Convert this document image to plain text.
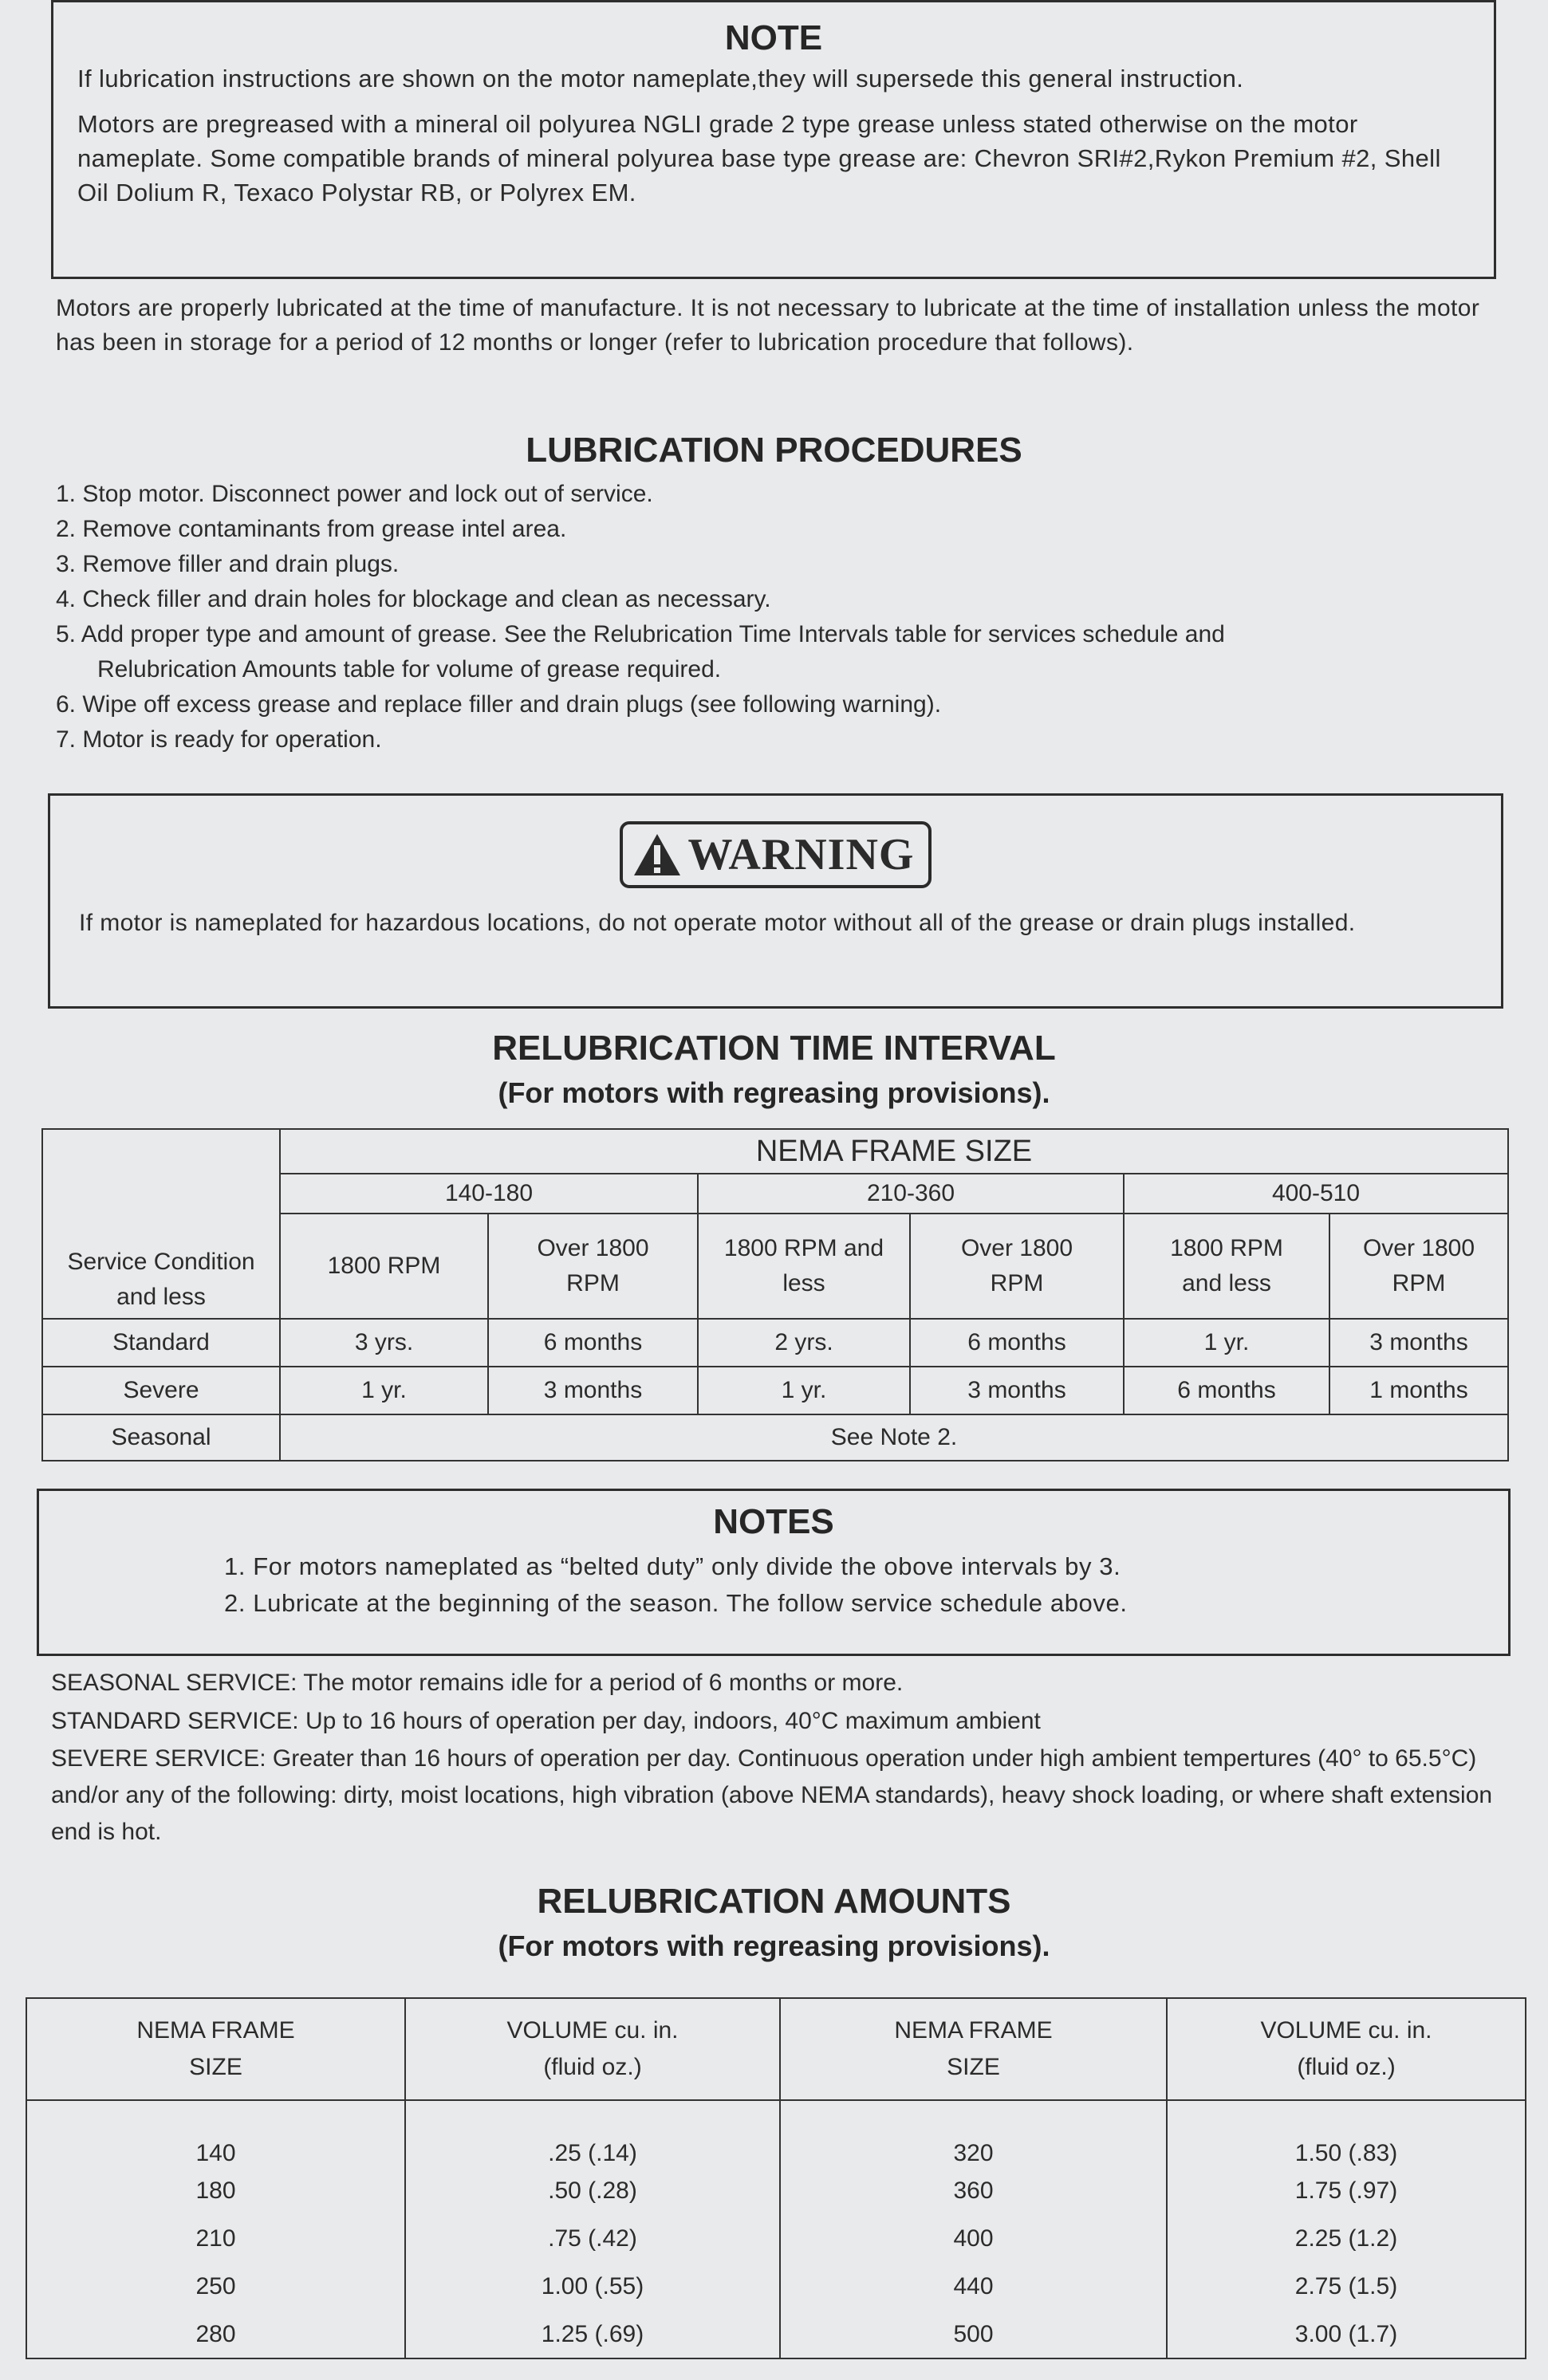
NOTE
If lubrication instructions are shown on the motor nameplate,they will supersede this general instruction.
Motors are pregreased with a mineral oil polyurea NGLI grade 2 type grease unless stated otherwise on the motor nameplate. Some compatible brands of mineral polyurea base type grease are: Chevron SRI#2,Rykon Premium #2, Shell Oil Dolium R, Texaco Polystar RB, or Polyrex EM.
Motors are properly lubricated at the time of manufacture. It is not necessary to lubricate at the time of installation unless the motor has been in storage for a period of 12 months or longer (refer to lubrication procedure that follows).
LUBRICATION PROCEDURES
1. Stop motor. Disconnect power and lock out of service.
2. Remove contaminants from grease intel area.
3. Remove filler and drain plugs.
4. Check filler and drain holes for blockage and clean as necessary.
5. Add proper type and amount of grease. See the Relubrication Time Intervals table for services schedule and
Relubrication Amounts table for volume of grease required.
6. Wipe off excess grease and replace filler and drain plugs (see following warning).
7. Motor is ready for operation.
WARNING
If motor is nameplated for hazardous locations, do not operate motor without all of the grease or drain plugs installed.
RELUBRICATION TIME INTERVAL
(For motors with regreasing provisions).
Service Condition and less	NEMA FRAME SIZE					
	140-180		210-360		400-510	
	1800 RPM	Over 1800 RPM	1800 RPM and less	Over 1800 RPM	1800 RPM and less	Over 1800 RPM
Standard	3 yrs.	6 months	2 yrs.	6 months	1 yr.	3 months
Severe	1 yr.	3 months	1 yr.	3 months	6 months	1 months
Seasonal	See Note 2.					
NOTES
1. For motors nameplated as “belted duty” only divide the obove intervals by 3.
2. Lubricate at the beginning of the season. The follow service schedule above.
SEASONAL SERVICE: The motor remains idle for a period of 6 months or more.
STANDARD SERVICE: Up to 16 hours of operation per day, indoors, 40°C maximum ambient
SEVERE SERVICE: Greater than 16 hours of operation per day. Continuous operation under high ambient tempertures (40° to 65.5°C) and/or any of the following: dirty, moist locations, high vibration (above NEMA standards), heavy shock loading, or where shaft extension end is hot.
RELUBRICATION AMOUNTS
(For motors with regreasing provisions).
NEMA FRAME SIZE	VOLUME cu. in. (fluid oz.)	NEMA FRAME SIZE	VOLUME cu. in. (fluid oz.)
140	.25 (.14)	320	1.50 (.83)
180	.50 (.28)	360	1.75 (.97)
210	.75 (.42)	400	2.25 (1.2)
250	1.00 (.55)	440	2.75 (1.5)
280	1.25 (.69)	500	3.00 (1.7)
